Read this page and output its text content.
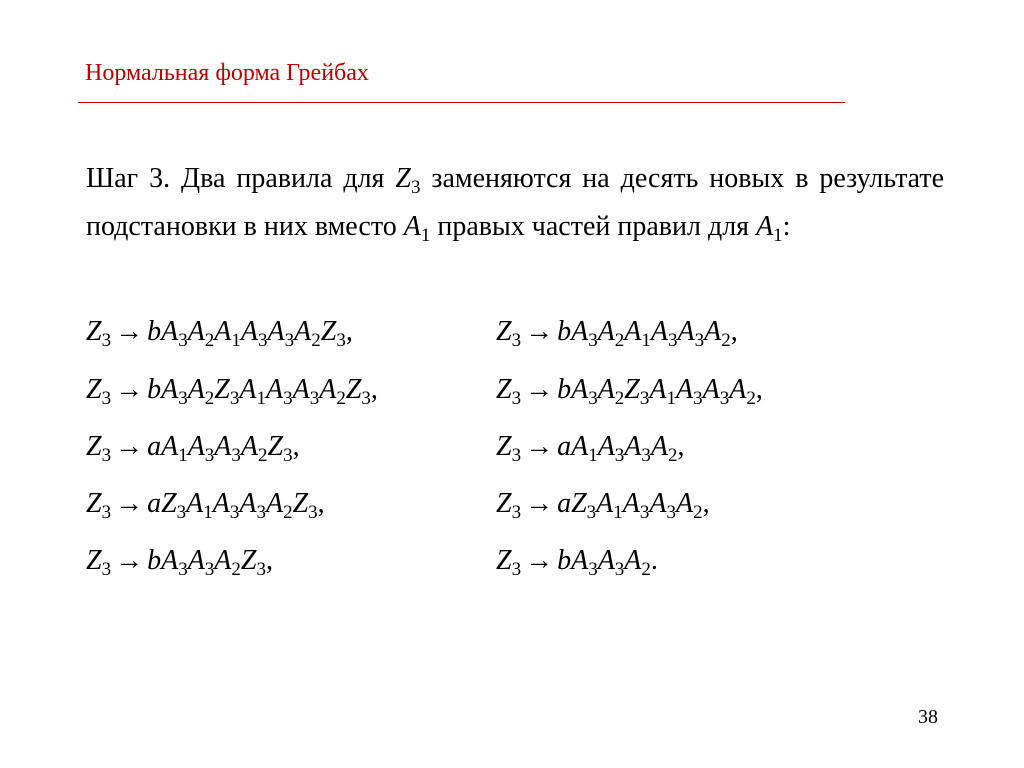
Нормальная форма Грейбах
Шаг 3. Два правила для $Z_3$ заменяются на десять новых в результате подстановки в них вместо $A_1$ правых частей правил для $A_1$:
$Z_3 \to bA_3A_2A_1A_3A_3A_2Z_3$,	$Z_3 \to bA_3A_2A_1A_3A_3A_2$,
$Z_3 \to bA_3A_2Z_3A_1A_3A_3A_2Z_3$,	$Z_3 \to bA_3A_2Z_3A_1A_3A_3A_2$,
$Z_3 \to aA_1A_3A_3A_2Z_3$,	$Z_3 \to aA_1A_3A_3A_2$,
$Z_3 \to aZ_3A_1A_3A_3A_2Z_3$,	$Z_3 \to aZ_3A_1A_3A_3A_2$,
$Z_3 \to bA_3A_3A_2Z_3$,	$Z_3 \to bA_3A_3A_2$.
38
